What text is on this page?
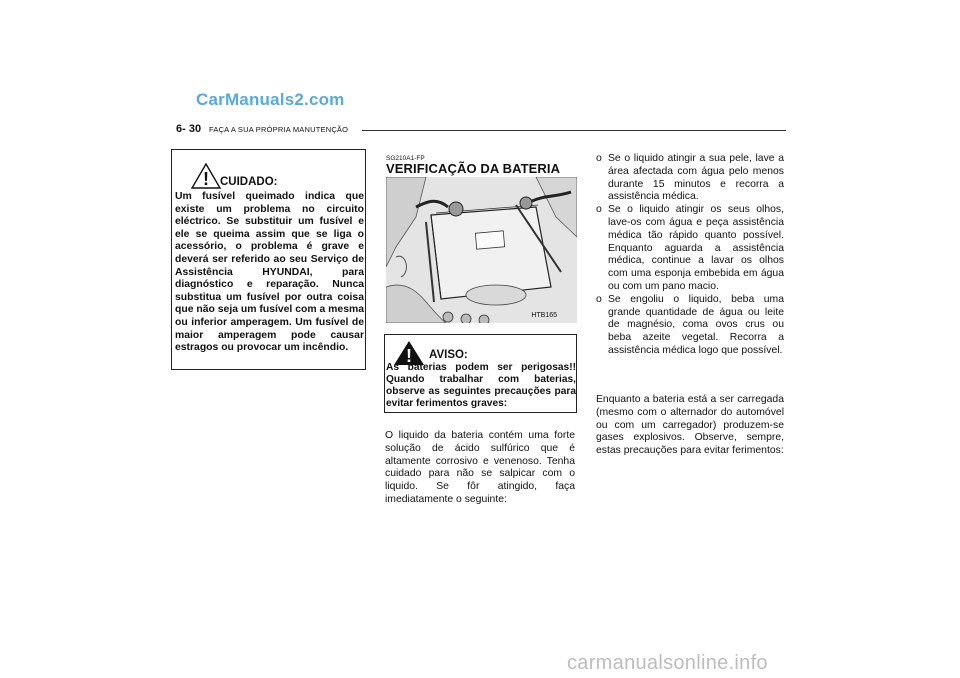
CarManuals2.com
6- 30 FAÇA A SUA PRÓPRIA MANUTENÇÃO
! CUIDADO:
Um fusível queimado indica que existe um problema no circuito eléctrico. Se substituir um fusível e ele se queima assim que se liga o acessório, o problema é grave e deverá ser referido ao seu Serviço de Assistência HYUNDAI, para diagnóstico e reparação. Nunca substitua um fusível por outra coisa que não seja um fusível com a mesma ou inferior amperagem. Um fusível de maior amperagem pode causar estragos ou provocar um incêndio.
SG210A1-FP
VERIFICAÇÃO DA BATERIA
HTB165
! AVISO:
As baterias podem ser perigosas!! Quando trabalhar com baterias, observe as seguintes precauções para evitar ferimentos graves:
O liquido da bateria contém uma forte solução de ácido sulfúrico que é altamente corrosivo e venenoso. Tenha cuidado para não se salpicar com o liquido. Se fôr atingido, faça imediatamente o seguinte:
o Se o liquido atingir a sua pele, lave a área afectada com água pelo menos durante 15 minutos e recorra a assistência médica.
o Se o liquido atingir os seus olhos, lave-os com água e peça assistência médica tão rápido quanto possível. Enquanto aguarda a assistência médica, continue a lavar os olhos com uma esponja embebida em água ou com um pano macio.
o Se engoliu o liquido, beba uma grande quantidade de água ou leite de magnésio, coma ovos crus ou beba azeite vegetal. Recorra a assistência médica logo que possível.
Enquanto a bateria está a ser carregada (mesmo com o alternador do automóvel ou com um carregador) produzem-se gases explosivos. Observe, sempre, estas precauções para evitar ferimentos:
carmanualsonline.info
